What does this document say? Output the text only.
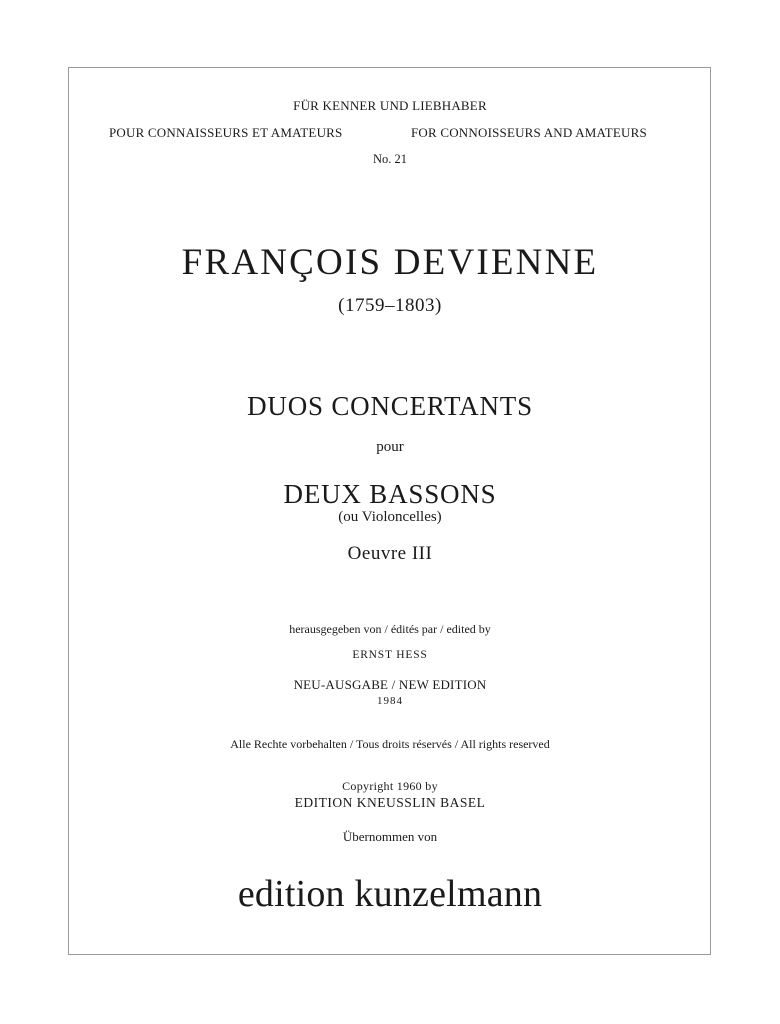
FÜR KENNER UND LIEBHABER
POUR CONNAISSEURS ET AMATEURS	FOR CONNOISSEURS AND AMATEURS
No. 21
FRANÇOIS DEVIENNE
(1759–1803)
DUOS CONCERTANTS
pour
DEUX BASSONS
(ou Violoncelles)
Oeuvre III
herausgegeben von / édités par / edited by
ERNST HESS
NEU-AUSGABE / NEW EDITION
1984
Alle Rechte vorbehalten / Tous droits réservés / All rights reserved
Copyright 1960 by
EDITION KNEUSSLIN BASEL
Übernommen von
edition kunzelmann
